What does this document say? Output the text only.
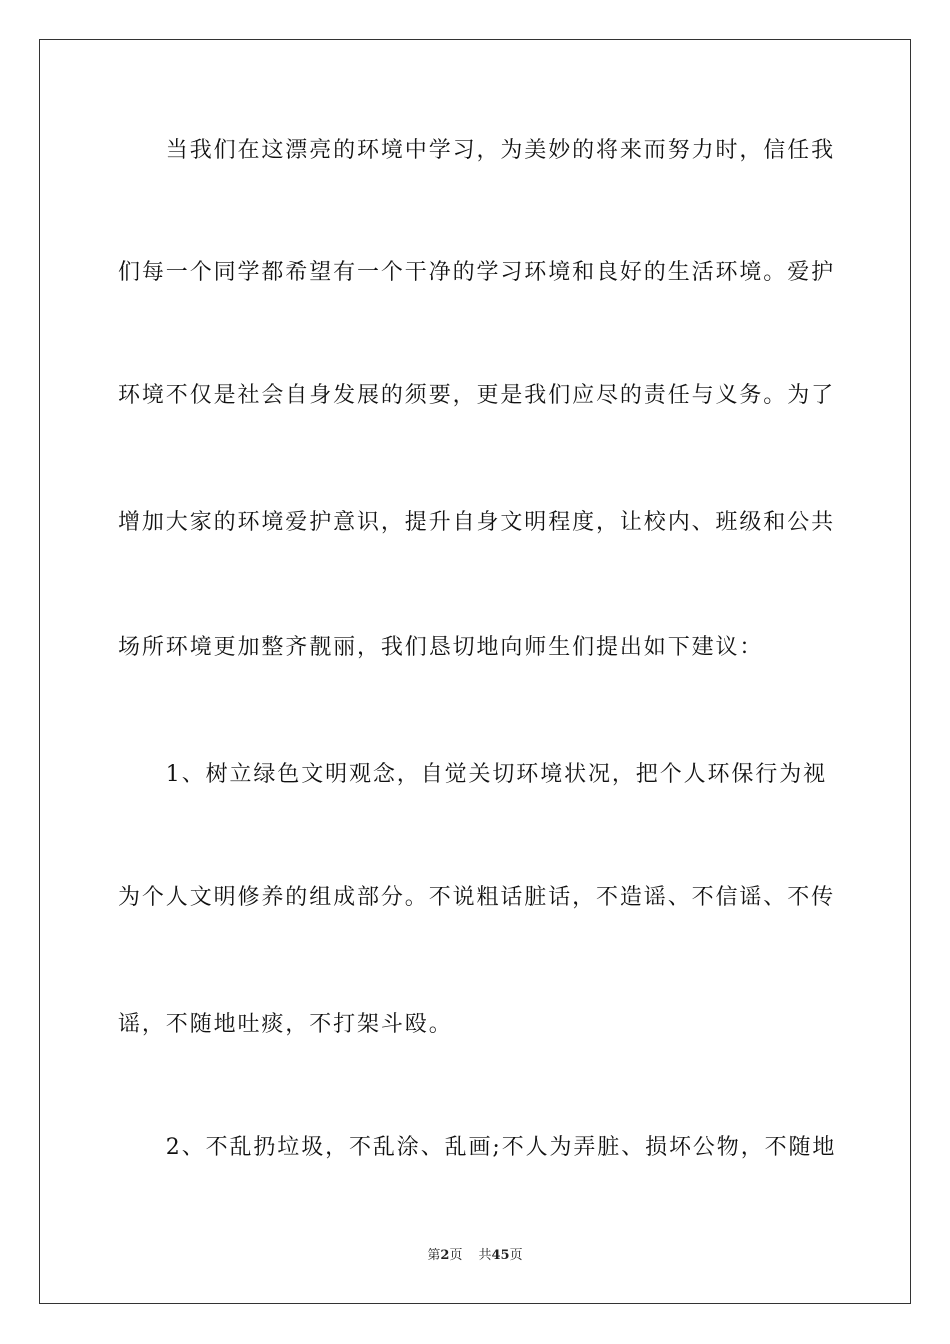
　　当我们在这漂亮的环境中学习，为美妙的将来而努力时，信任我
们每一个同学都希望有一个干净的学习环境和良好的生活环境。爱护
环境不仅是社会自身发展的须要，更是我们应尽的责任与义务。为了
增加大家的环境爱护意识，提升自身文明程度，让校内、班级和公共
场所环境更加整齐靓丽，我们恳切地向师生们提出如下建议：
　　1、树立绿色文明观念，自觉关切环境状况，把个人环保行为视
为个人文明修养的组成部分。不说粗话脏话，不造谣、不信谣、不传
谣，不随地吐痰，不打架斗殴。
　　2、不乱扔垃圾，不乱涂、乱画;不人为弄脏、损坏公物，不随地
第2页 共45页
